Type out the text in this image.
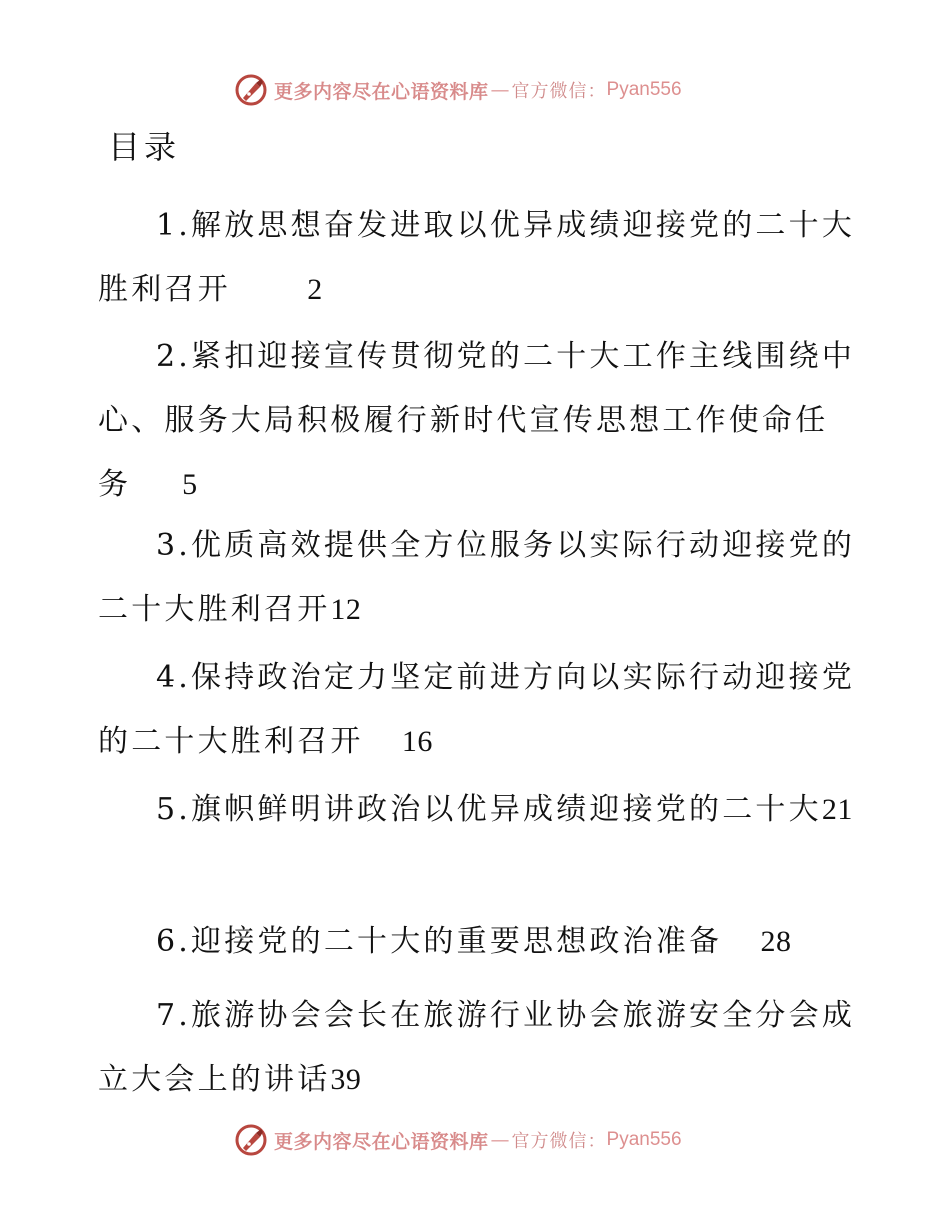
更多内容尽在心语资料库 — 官方微信： Pyan556
目录
1.解放思想奋发进取以优异成绩迎接党的二十大胜利召开	2
2.紧扣迎接宣传贯彻党的二十大工作主线围绕中心、服务大局积极履行新时代宣传思想工作使命任务 5
3.优质高效提供全方位服务以实际行动迎接党的二十大胜利召开12
4.保持政治定力坚定前进方向以实际行动迎接党的二十大胜利召开 16
5.旗帜鲜明讲政治以优异成绩迎接党的二十大21
6.迎接党的二十大的重要思想政治准备 28
7.旅游协会会长在旅游行业协会旅游安全分会成立大会上的讲话39
更多内容尽在心语资料库 — 官方微信： Pyan556
